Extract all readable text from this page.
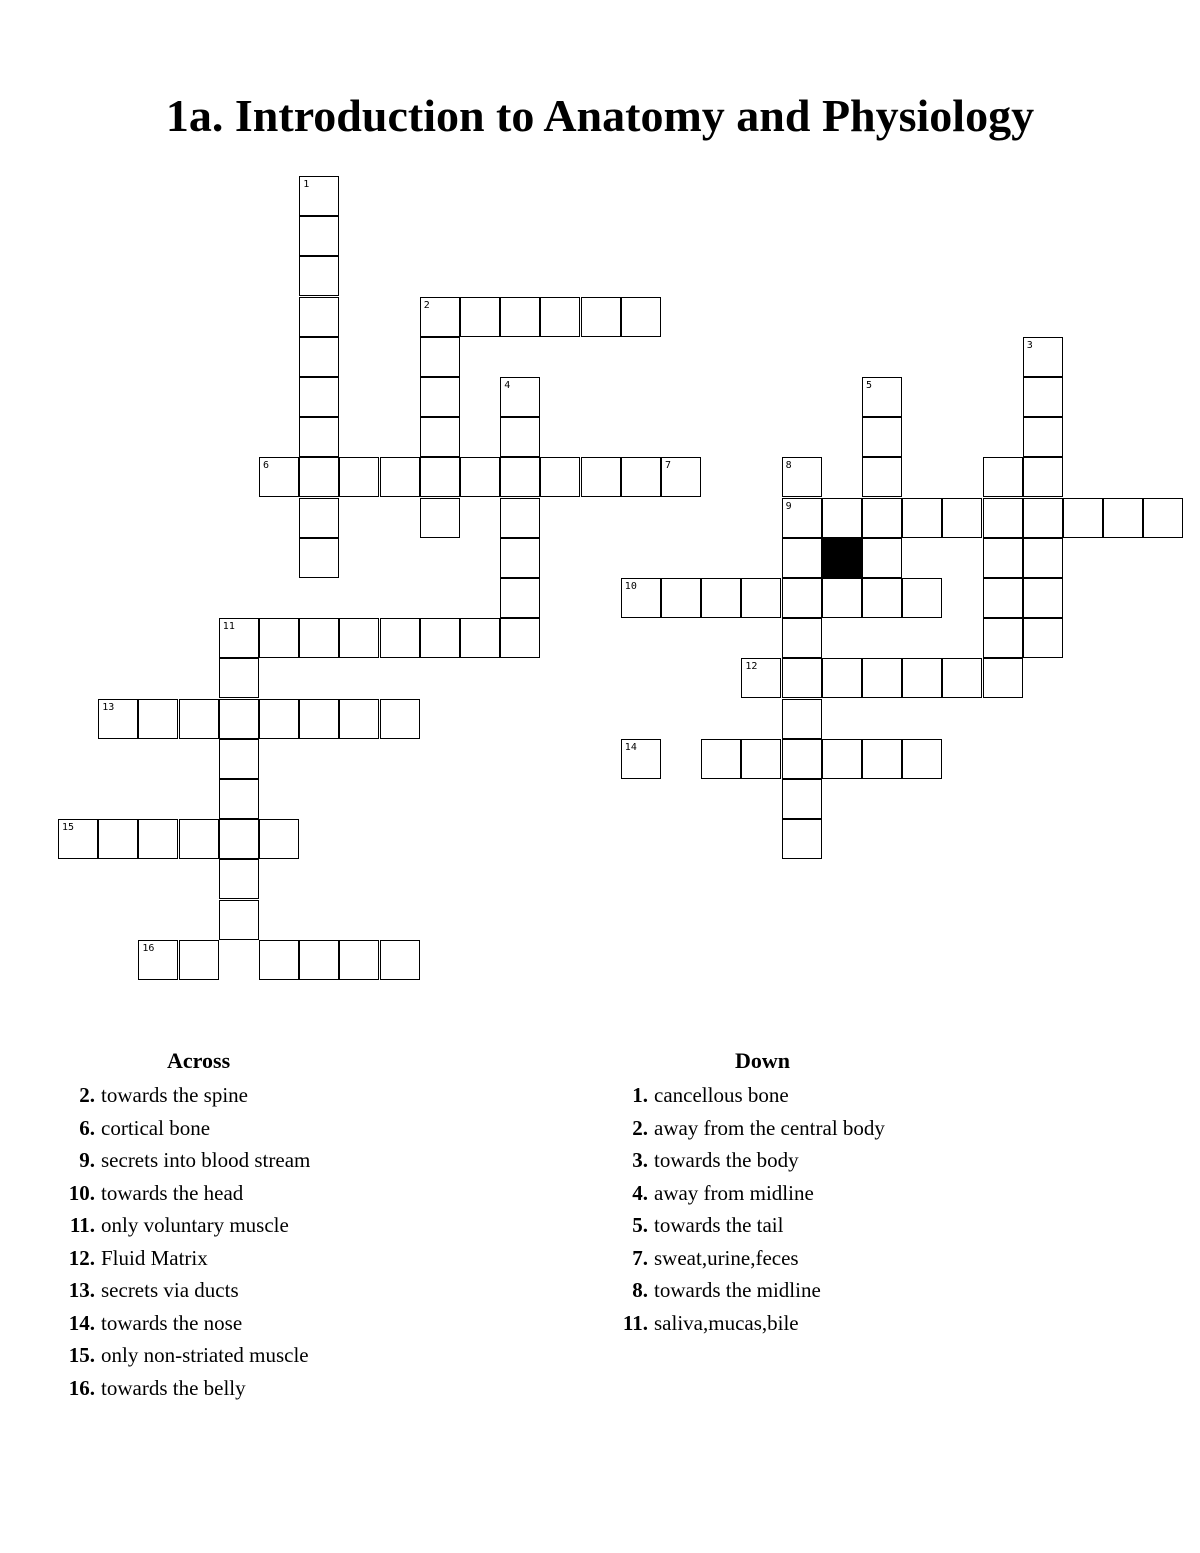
1a. Introduction to Anatomy and Physiology
1
2
3
4	5
6	7	8
9
13
15
16
10
11
12
14
Across
2. towards the spine
6. cortical bone
9. secrets into blood stream
10. towards the head
11. only voluntary muscle
12. Fluid Matrix
13. secrets via ducts
14. towards the nose
15. only non-striated muscle
16. towards the belly
Down
1. cancellous bone
2. away from the central body
3. towards the body
4. away from midline
5. towards the tail
7. sweat,urine,feces
8. towards the midline
11. saliva,mucas,bile
